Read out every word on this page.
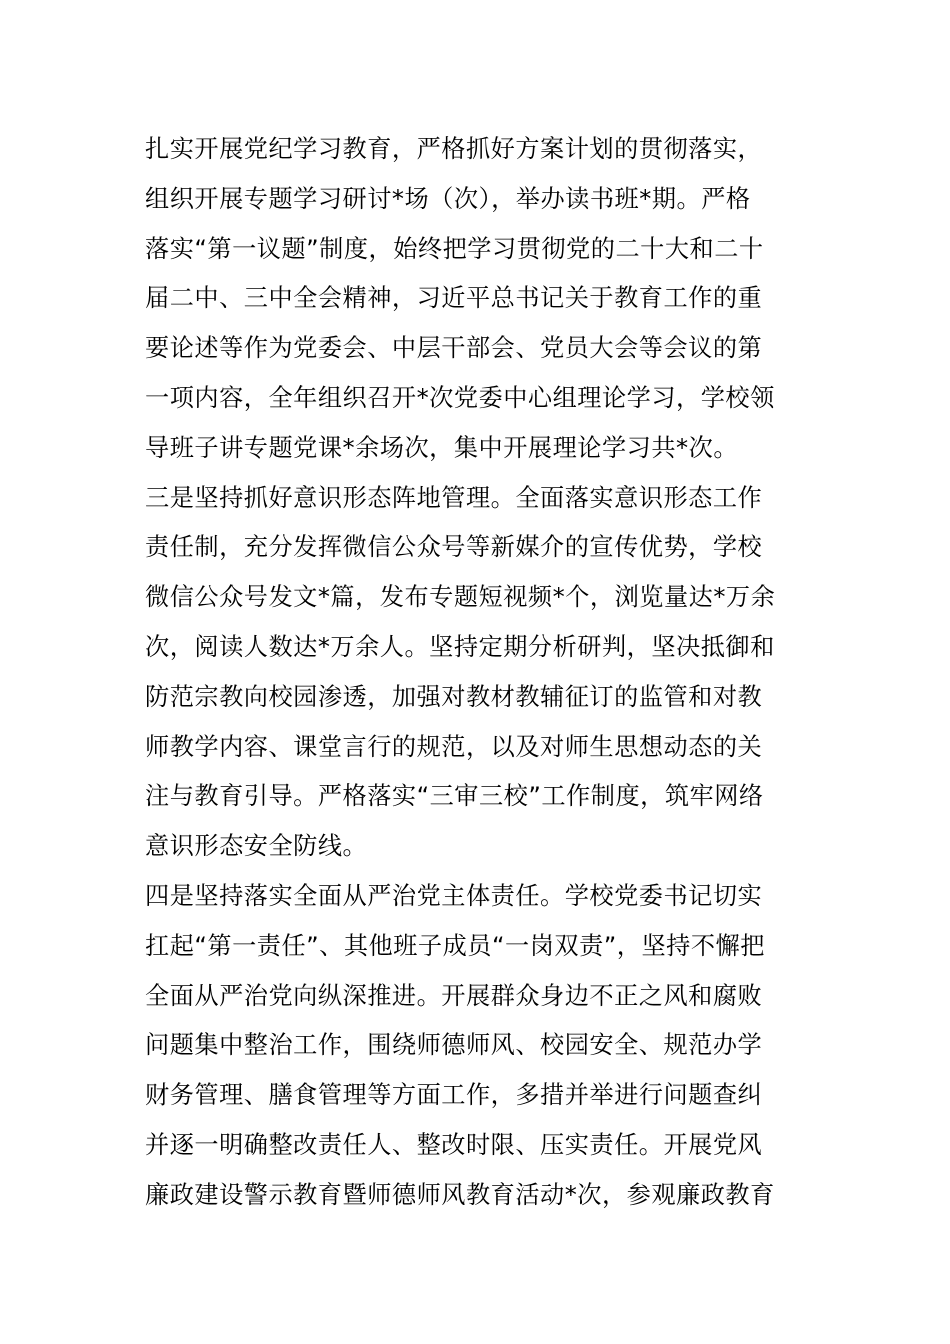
扎实开展党纪学习教育，严格抓好方案计划的贯彻落实，
组织开展专题学习研讨*场（次），举办读书班*期。严格
落实“第一议题”制度，始终把学习贯彻党的二十大和二十
届二中、三中全会精神，习近平总书记关于教育工作的重
要论述等作为党委会、中层干部会、党员大会等会议的第
一项内容，全年组织召开*次党委中心组理论学习，学校领
导班子讲专题党课*余场次，集中开展理论学习共*次。
三是坚持抓好意识形态阵地管理。全面落实意识形态工作
责任制，充分发挥微信公众号等新媒介的宣传优势，学校
微信公众号发文*篇，发布专题短视频*个，浏览量达*万余
次，阅读人数达*万余人。坚持定期分析研判，坚决抵御和
防范宗教向校园渗透，加强对教材教辅征订的监管和对教
师教学内容、课堂言行的规范，以及对师生思想动态的关
注与教育引导。严格落实“三审三校”工作制度，筑牢网络
意识形态安全防线。
四是坚持落实全面从严治党主体责任。学校党委书记切实
扛起“第一责任”、其他班子成员“一岗双责”，坚持不懈把
全面从严治党向纵深推进。开展群众身边不正之风和腐败
问题集中整治工作，围绕师德师风、校园安全、规范办学
财务管理、膳食管理等方面工作，多措并举进行问题查纠
并逐一明确整改责任人、整改时限、压实责任。开展党风
廉政建设警示教育暨师德师风教育活动*次，参观廉政教育
